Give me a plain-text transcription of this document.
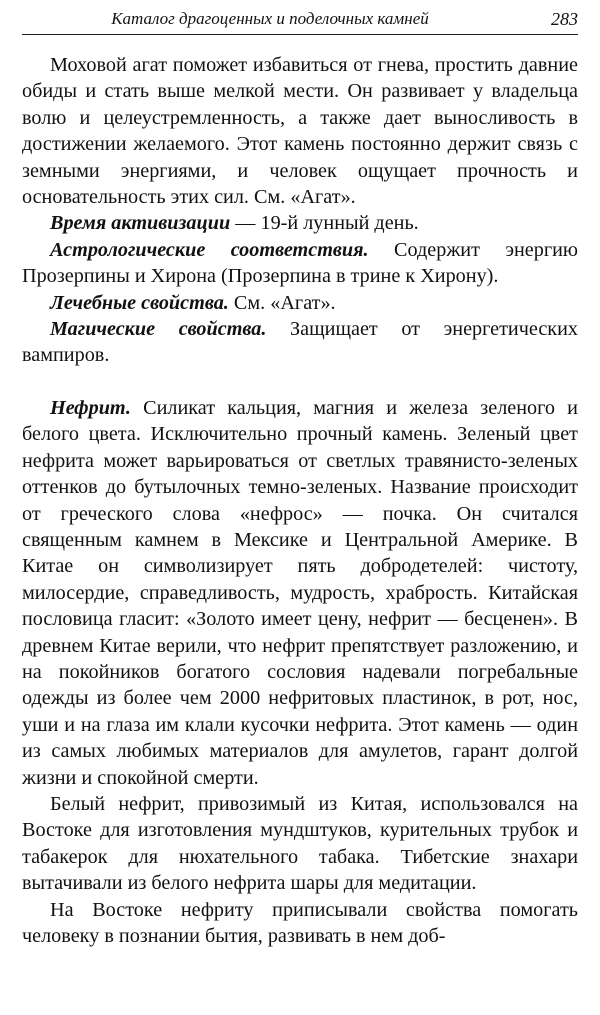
Каталог драгоценных и поделочных камней	283

Моховой агат поможет избавиться от гнева, простить давние обиды и стать выше мелкой мести. Он развивает у владельца волю и целеустремленность, а также дает выносливость в достижении желаемого. Этот камень постоянно держит связь с земными энергиями, и человек ощущает прочность и основательность этих сил. См. «Агат».

Время активизации — 19-й лунный день.

Астрологические соответствия. Содержит энергию Прозерпины и Хирона (Прозерпина в трине к Хирону).

Лечебные свойства. См. «Агат».

Магические свойства. Защищает от энергетических вампиров.

Нефрит. Силикат кальция, магния и железа зеленого и белого цвета. Исключительно прочный камень. Зеленый цвет нефрита может варьироваться от светлых травянисто-зеленых оттенков до бутылочных темно-зеленых. Название происходит от греческого слова «нефрос» — почка. Он считался священным камнем в Мексике и Центральной Америке. В Китае он символизирует пять добродетелей: чистоту, милосердие, справедливость, мудрость, храбрость. Китайская пословица гласит: «Золото имеет цену, нефрит — бесценен». В древнем Китае верили, что нефрит препятствует разложению, и на покойников богатого сословия надевали погребальные одежды из более чем 2000 нефритовых пластинок, в рот, нос, уши и на глаза им клали кусочки нефрита. Этот камень — один из самых любимых материалов для амулетов, гарант долгой жизни и спокойной смерти.

Белый нефрит, привозимый из Китая, использовался на Востоке для изготовления мундштуков, курительных трубок и табакерок для нюхательного табака. Тибетские знахари вытачивали из белого нефрита шары для медитации.

На Востоке нефриту приписывали свойства помогать человеку в познании бытия, развивать в нем доб-
